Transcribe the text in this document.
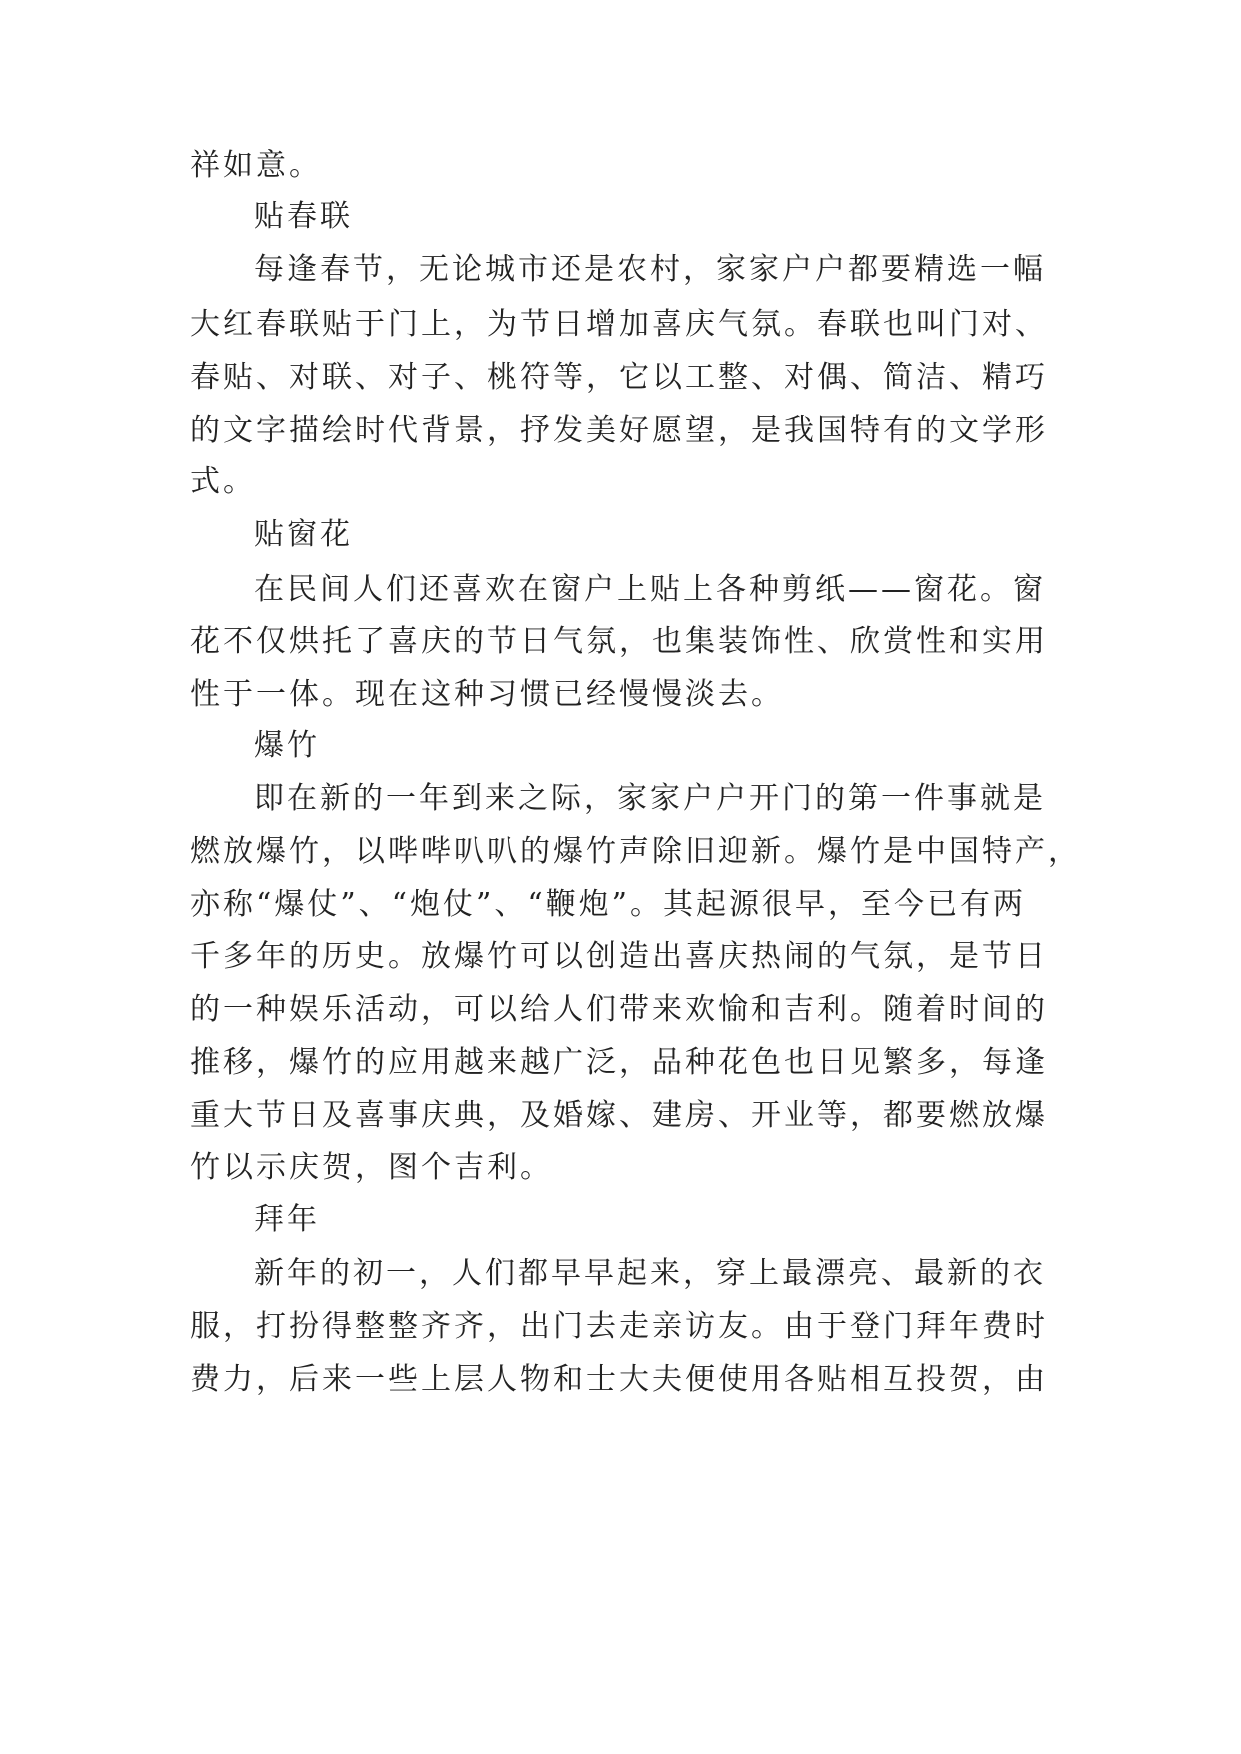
祥如意。
贴春联
每逢春节，无论城市还是农村，家家户户都要精选一幅
大红春联贴于门上，为节日增加喜庆气氛。春联也叫门对、
春贴、对联、对子、桃符等，它以工整、对偶、简洁、精巧
的文字描绘时代背景，抒发美好愿望，是我国特有的文学形
式。
贴窗花
在民间人们还喜欢在窗户上贴上各种剪纸——窗花。窗
花不仅烘托了喜庆的节日气氛，也集装饰性、欣赏性和实用
性于一体。现在这种习惯已经慢慢淡去。
爆竹
即在新的一年到来之际，家家户户开门的第一件事就是
燃放爆竹，以哔哔叭叭的爆竹声除旧迎新。爆竹是中国特产，
亦称“爆仗”、“炮仗”、“鞭炮”。其起源很早，至今已有两
千多年的历史。放爆竹可以创造出喜庆热闹的气氛，是节日
的一种娱乐活动，可以给人们带来欢愉和吉利。随着时间的
推移，爆竹的应用越来越广泛，品种花色也日见繁多，每逢
重大节日及喜事庆典，及婚嫁、建房、开业等，都要燃放爆
竹以示庆贺，图个吉利。
拜年
新年的初一，人们都早早起来，穿上最漂亮、最新的衣
服，打扮得整整齐齐，出门去走亲访友。由于登门拜年费时
费力，后来一些上层人物和士大夫便使用各贴相互投贺，由
